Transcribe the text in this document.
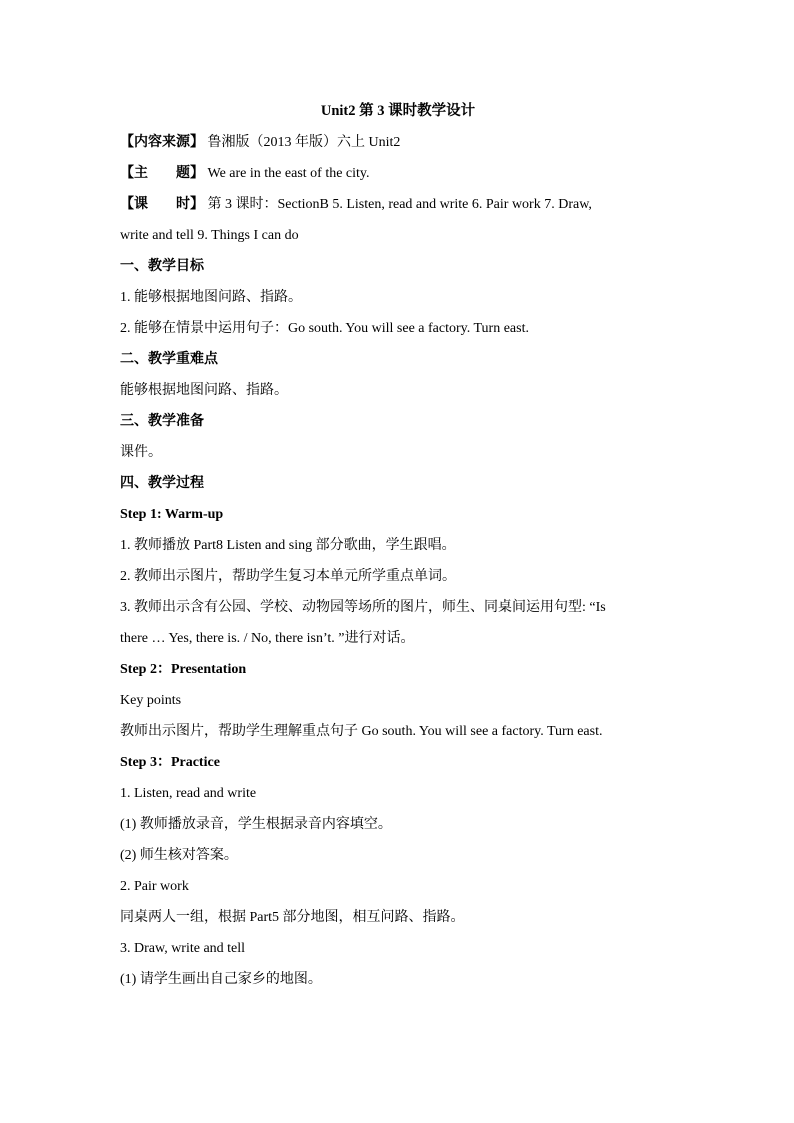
Unit2 第 3 课时教学设计
【内容来源】 鲁湘版（2013 年版）六上 Unit2
【主　　题】 We are in the east of the city.
【课　　时】 第 3 课时：SectionB 5. Listen, read and write 6. Pair work 7. Draw,
write and tell 9. Things I can do
一、教学目标
1. 能够根据地图问路、指路。
2. 能够在情景中运用句子：Go south. You will see a factory. Turn east.
二、教学重难点
能够根据地图问路、指路。
三、教学准备
课件。
四、教学过程
Step 1: Warm-up
1. 教师播放 Part8 Listen and sing 部分歌曲，学生跟唱。
2. 教师出示图片，帮助学生复习本单元所学重点单词。
3. 教师出示含有公园、学校、动物园等场所的图片，师生、同桌间运用句型: “Is
there … Yes, there is. / No, there isn’t. ”进行对话。
Step 2：Presentation
Key points
教师出示图片，帮助学生理解重点句子 Go south. You will see a factory. Turn east.
Step 3：Practice
1. Listen, read and write
(1) 教师播放录音，学生根据录音内容填空。
(2) 师生核对答案。
2. Pair work
同桌两人一组，根据 Part5 部分地图，相互问路、指路。
3. Draw, write and tell
(1) 请学生画出自己家乡的地图。
